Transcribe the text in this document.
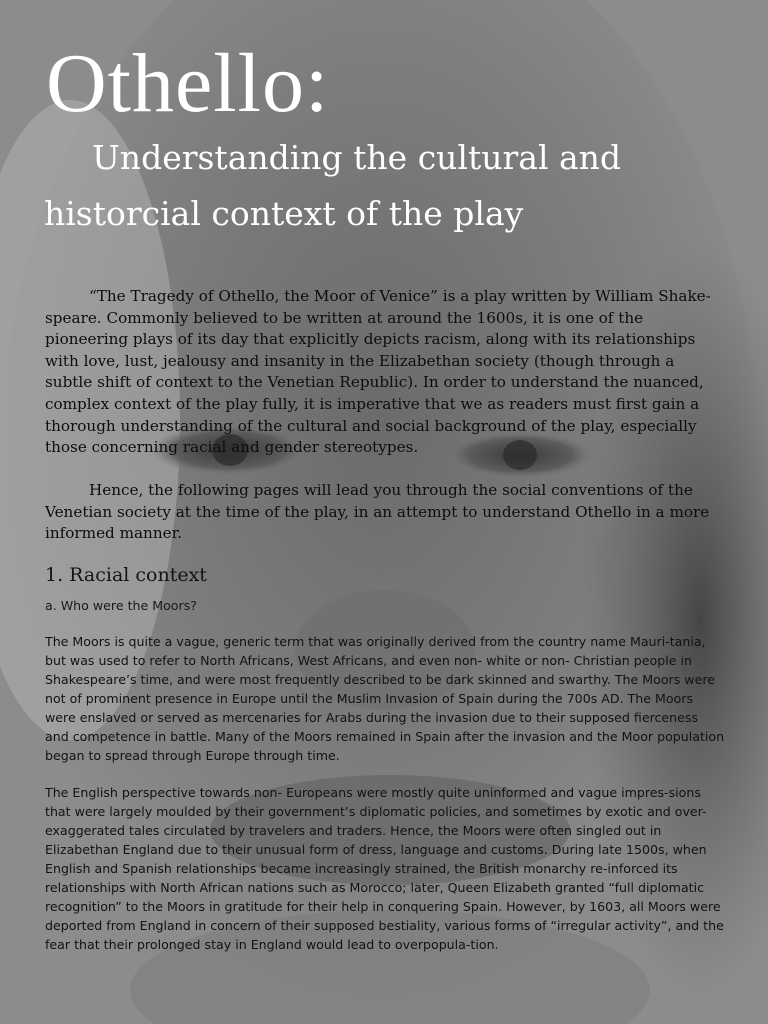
Othello:
Understanding the cultural and historcial context of the play

“The Tragedy of Othello, the Moor of Venice” is a play written by William Shake-speare. Commonly believed to be written at around the 1600s, it is one of the pioneering plays of its day that explicitly depicts racism, along with its relationships with love, lust, jealousy and insanity in the Elizabethan society (though through a subtle shift of context to the Venetian Republic). In order to understand the nuanced, complex context of the play fully, it is imperative that we as readers must first gain a thorough understanding of the cultural and social background of the play, especially those concerning racial and gender stereotypes.

Hence, the following pages will lead you through the social conventions of the Venetian society at the time of the play, in an attempt to understand Othello in a more informed manner.

1. Racial context
a. Who were the Moors?

The Moors is quite a vague, generic term that was originally derived from the country name Mauri-tania, but was used to refer to North Africans, West Africans, and even non- white or non- Christian people in Shakespeare’s time, and were most frequently described to be dark skinned and swarthy. The Moors were not of prominent presence in Europe until the Muslim Invasion of Spain during the 700s AD. The Moors were enslaved or served as mercenaries for Arabs during the invasion due to their supposed fierceness and competence in battle. Many of the Moors remained in Spain after the invasion and the Moor population began to spread through Europe through time.

The English perspective towards non- Europeans were mostly quite uninformed and vague impres-sions that were largely moulded by their government’s diplomatic policies, and sometimes by exotic and over- exaggerated tales circulated by travelers and traders. Hence, the Moors were often singled out in Elizabethan England due to their unusual form of dress, language and customs. During late 1500s, when English and Spanish relationships became increasingly strained, the British monarchy re-inforced its relationships with North African nations such as Morocco; later, Queen Elizabeth granted “full diplomatic recognition” to the Moors in gratitude for their help in conquering Spain. However, by 1603, all Moors were deported from England in concern of their supposed bestiality, various forms of “irregular activity”, and the fear that their prolonged stay in England would lead to overpopula-tion.
